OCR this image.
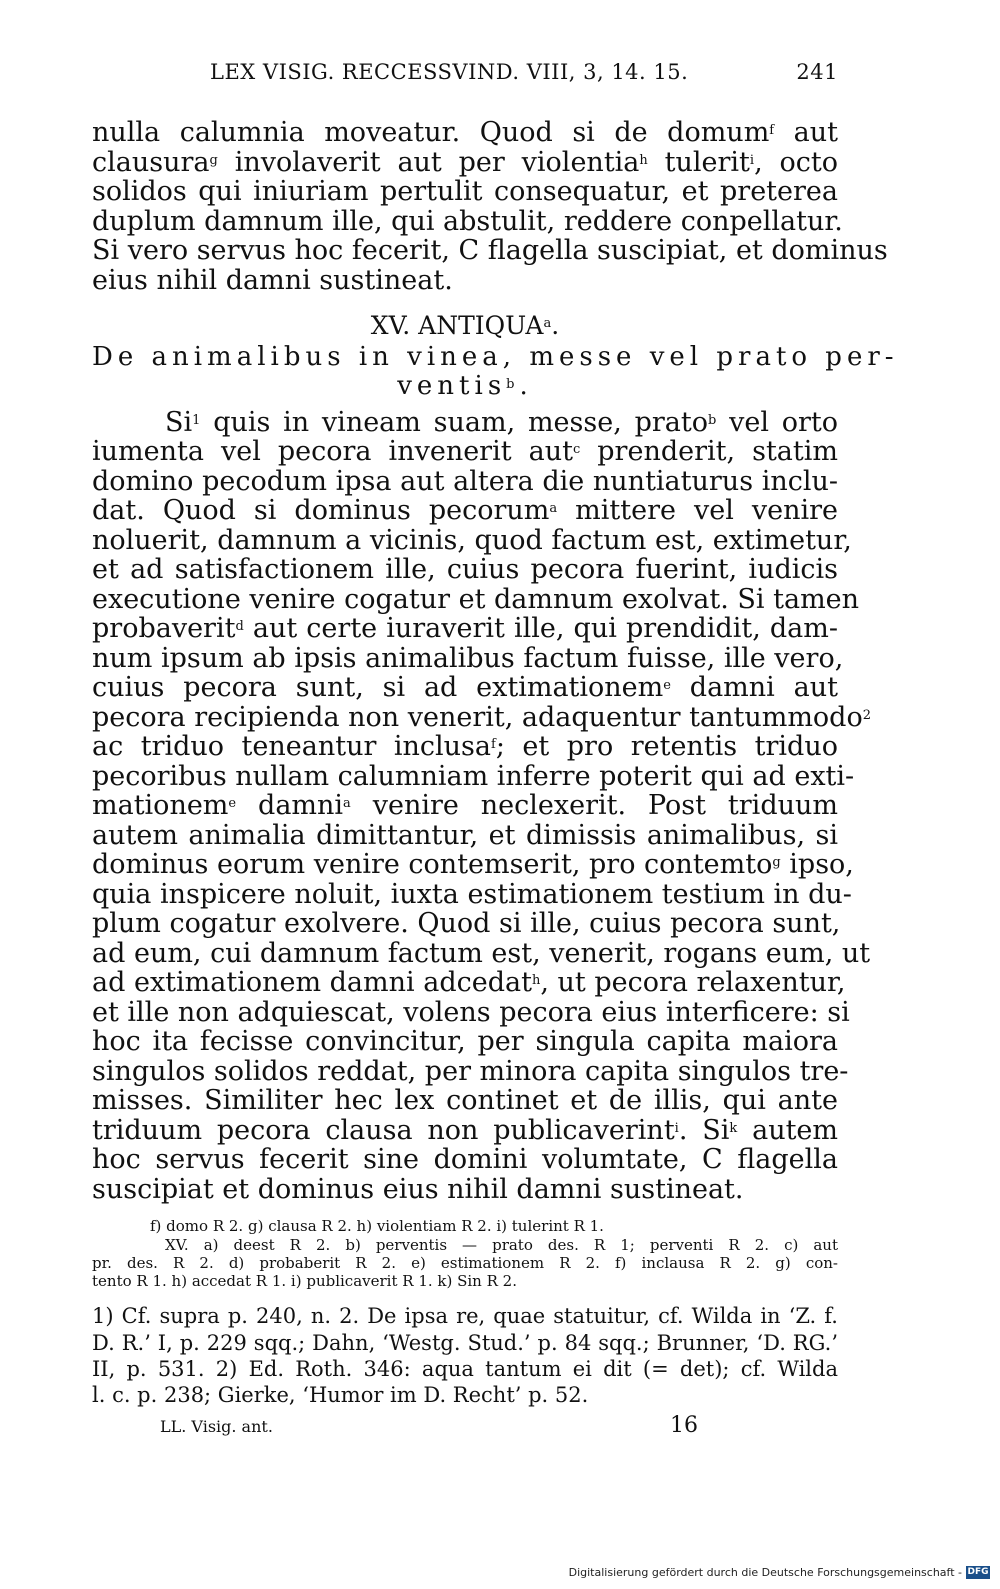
LEX VISIG. RECCESSVIND. VIII, 3, 14. 15.	241
nulla calumnia moveatur. Quod si de domum$^f$ aut
clausura$^g$ involaverit aut per violentia$^h$ tulerit$^i$, octo
solidos qui iniuriam pertulit consequatur, et preterea
duplum damnum ille, qui abstulit, reddere conpellatur.
Si vero servus hoc fecerit, C flagella suscipiat, et dominus
eius nihil damni sustineat.
XV. ANTIQUA$^a$.
De animalibus in vinea, messe vel prato per-
ventis$^b$.
Si$^1$ quis in vineam suam, messe, prato$^b$ vel orto
iumenta vel pecora invenerit aut$^c$ prenderit, statim
domino pecodum ipsa aut altera die nuntiaturus inclu-
dat. Quod si dominus pecorum$^a$ mittere vel venire
noluerit, damnum a vicinis, quod factum est, extimetur,
et ad satisfactionem ille, cuius pecora fuerint, iudicis
executione venire cogatur et damnum exolvat. Si tamen
probaverit$^d$ aut certe iuraverit ille, qui prendidit, dam-
num ipsum ab ipsis animalibus factum fuisse, ille vero,
cuius pecora sunt, si ad extimationem$^e$ damni aut
pecora recipienda non venerit, adaquentur tantummodo$^2$
ac triduo teneantur inclusa$^f$; et pro retentis triduo
pecoribus nullam calumniam inferre poterit qui ad exti-
mationem$^e$ damni$^a$ venire neclexerit. Post triduum
autem animalia dimittantur, et dimissis animalibus, si
dominus eorum venire contemserit, pro contemto$^g$ ipso,
quia inspicere noluit, iuxta estimationem testium in du-
plum cogatur exolvere. Quod si ille, cuius pecora sunt,
ad eum, cui damnum factum est, venerit, rogans eum, ut
ad extimationem damni adcedat$^h$, ut pecora relaxentur,
et ille non adquiescat, volens pecora eius interficere: si
hoc ita fecisse convincitur, per singula capita maiora
singulos solidos reddat, per minora capita singulos tre-
misses. Similiter hec lex continet et de illis, qui ante
triduum pecora clausa non publicaverint$^i$. Si$^k$ autem
hoc servus fecerit sine domini volumtate, C flagella
suscipiat et dominus eius nihil damni sustineat.
f) domo R 2. g) clausa R 2. h) violentiam R 2. i) tulerint R 1.
XV. a) deest R 2. b) perventis — prato des. R 1; perventi R 2. c) aut
pr. des. R 2. d) probaberit R 2. e) estimationem R 2. f) inclausa R 2. g) con-
tento R 1. h) accedat R 1. i) publicaverit R 1. k) Sin R 2.
1) Cf. supra p. 240, n. 2. De ipsa re, quae statuitur, cf. Wilda in ‘Z. f.
D. R.’ I, p. 229 sqq.; Dahn, ‘Westg. Stud.’ p. 84 sqq.; Brunner, ‘D. RG.’
II, p. 531. 2) Ed. Roth. 346: aqua tantum ei dit (= det); cf. Wilda
l. c. p. 238; Gierke, ‘Humor im D. Recht’ p. 52.
LL. Visig. ant.	16
Digitalisierung gefördert durch die Deutsche Forschungsgemeinschaft - DFG
